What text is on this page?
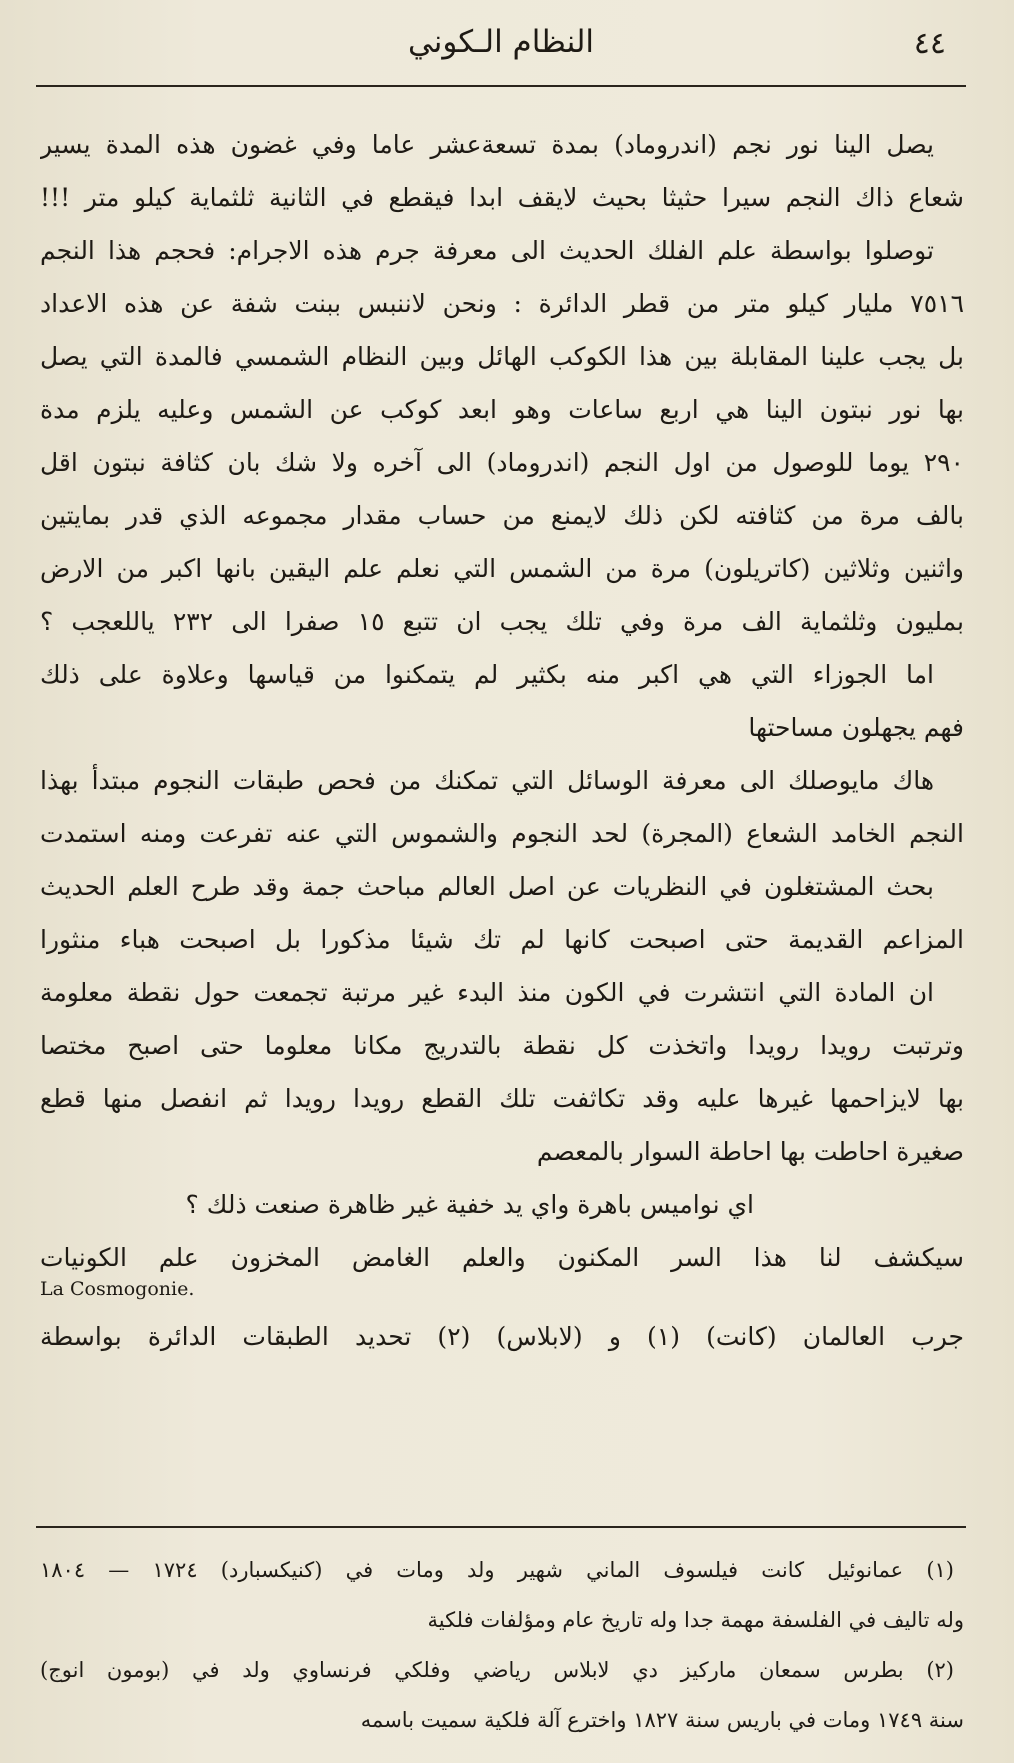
٤٤
النظام الـكوني
يصل الينا نور نجم (اندروماد) بمدة تسعةعشر عاما وفي غضون هذه المدة يسير
شعاع ذاك النجم سيرا حثيثا بحيث لايقف ابدا فيقطع في الثانية ثلثماية كيلو متر !!!
توصلوا بواسطة علم الفلك الحديث الى معرفة جرم هذه الاجرام: فحجم هذا النجم
٧٥١٦ مليار كيلو متر من قطر الدائرة : ونحن لاننبس ببنت شفة عن هذه الاعداد
بل يجب علينا المقابلة بين هذا الكوكب الهائل وبين النظام الشمسي فالمدة التي يصل
بها نور نبتون الينا هي اربع ساعات وهو ابعد كوكب عن الشمس وعليه يلزم مدة
٢٩٠ يوما للوصول من اول النجم (اندروماد) الى آخره ولا شك بان كثافة نبتون اقل
بالف مرة من كثافته لكن ذلك لايمنع من حساب مقدار مجموعه الذي قدر بمايتين
واثنين وثلاثين (كاتريلون) مرة من الشمس التي نعلم علم اليقين بانها اكبر من الارض
بمليون وثلثماية الف مرة وفي تلك يجب ان تتبع ١٥ صفرا الى ٢٣٢ ياللعجب ؟
اما الجوزاء التي هي اكبر منه بكثير لم يتمكنوا من قياسها وعلاوة على ذلك
فهم يجهلون مساحتها
هاك مايوصلك الى معرفة الوسائل التي تمكنك من فحص طبقات النجوم مبتدأ بهذا
النجم الخامد الشعاع (المجرة) لحد النجوم والشموس التي عنه تفرعت ومنه استمدت
بحث المشتغلون في النظريات عن اصل العالم مباحث جمة وقد طرح العلم الحديث
المزاعم القديمة حتى اصبحت كانها لم تك شيئا مذكورا بل اصبحت هباء منثورا
ان المادة التي انتشرت في الكون منذ البدء غير مرتبة تجمعت حول نقطة معلومة
وترتبت رويدا رويدا واتخذت كل نقطة بالتدريج مكانا معلوما حتى اصبح مختصا
بها لايزاحمها غيرها عليه وقد تكاثفت تلك القطع رويدا رويدا ثم انفصل منها قطع
صغيرة احاطت بها احاطة السوار بالمعصم
اي نواميس باهرة واي يد خفية غير ظاهرة صنعت ذلك ؟
سيكشف لنا هذا السر المكنون والعلم الغامض المخزون علم الكونيات
La Cosmogonie.
جرب العالمان (كانت) (١) و (لابلاس) (٢) تحديد الطبقات الدائرة بواسطة
(١) عمانوئيل كانت فيلسوف الماني شهير ولد ومات في (كنيكسبارد) ١٧٢٤ — ١٨٠٤
وله تاليف في الفلسفة مهمة جدا وله تاريخ عام ومؤلفات فلكية
(٢) بطرس سمعان ماركيز دي لابلاس رياضي وفلكي فرنساوي ولد في (بومون انوج)
سنة ١٧٤٩ ومات في باريس سنة ١٨٢٧ واخترع آلة فلكية سميت باسمه
